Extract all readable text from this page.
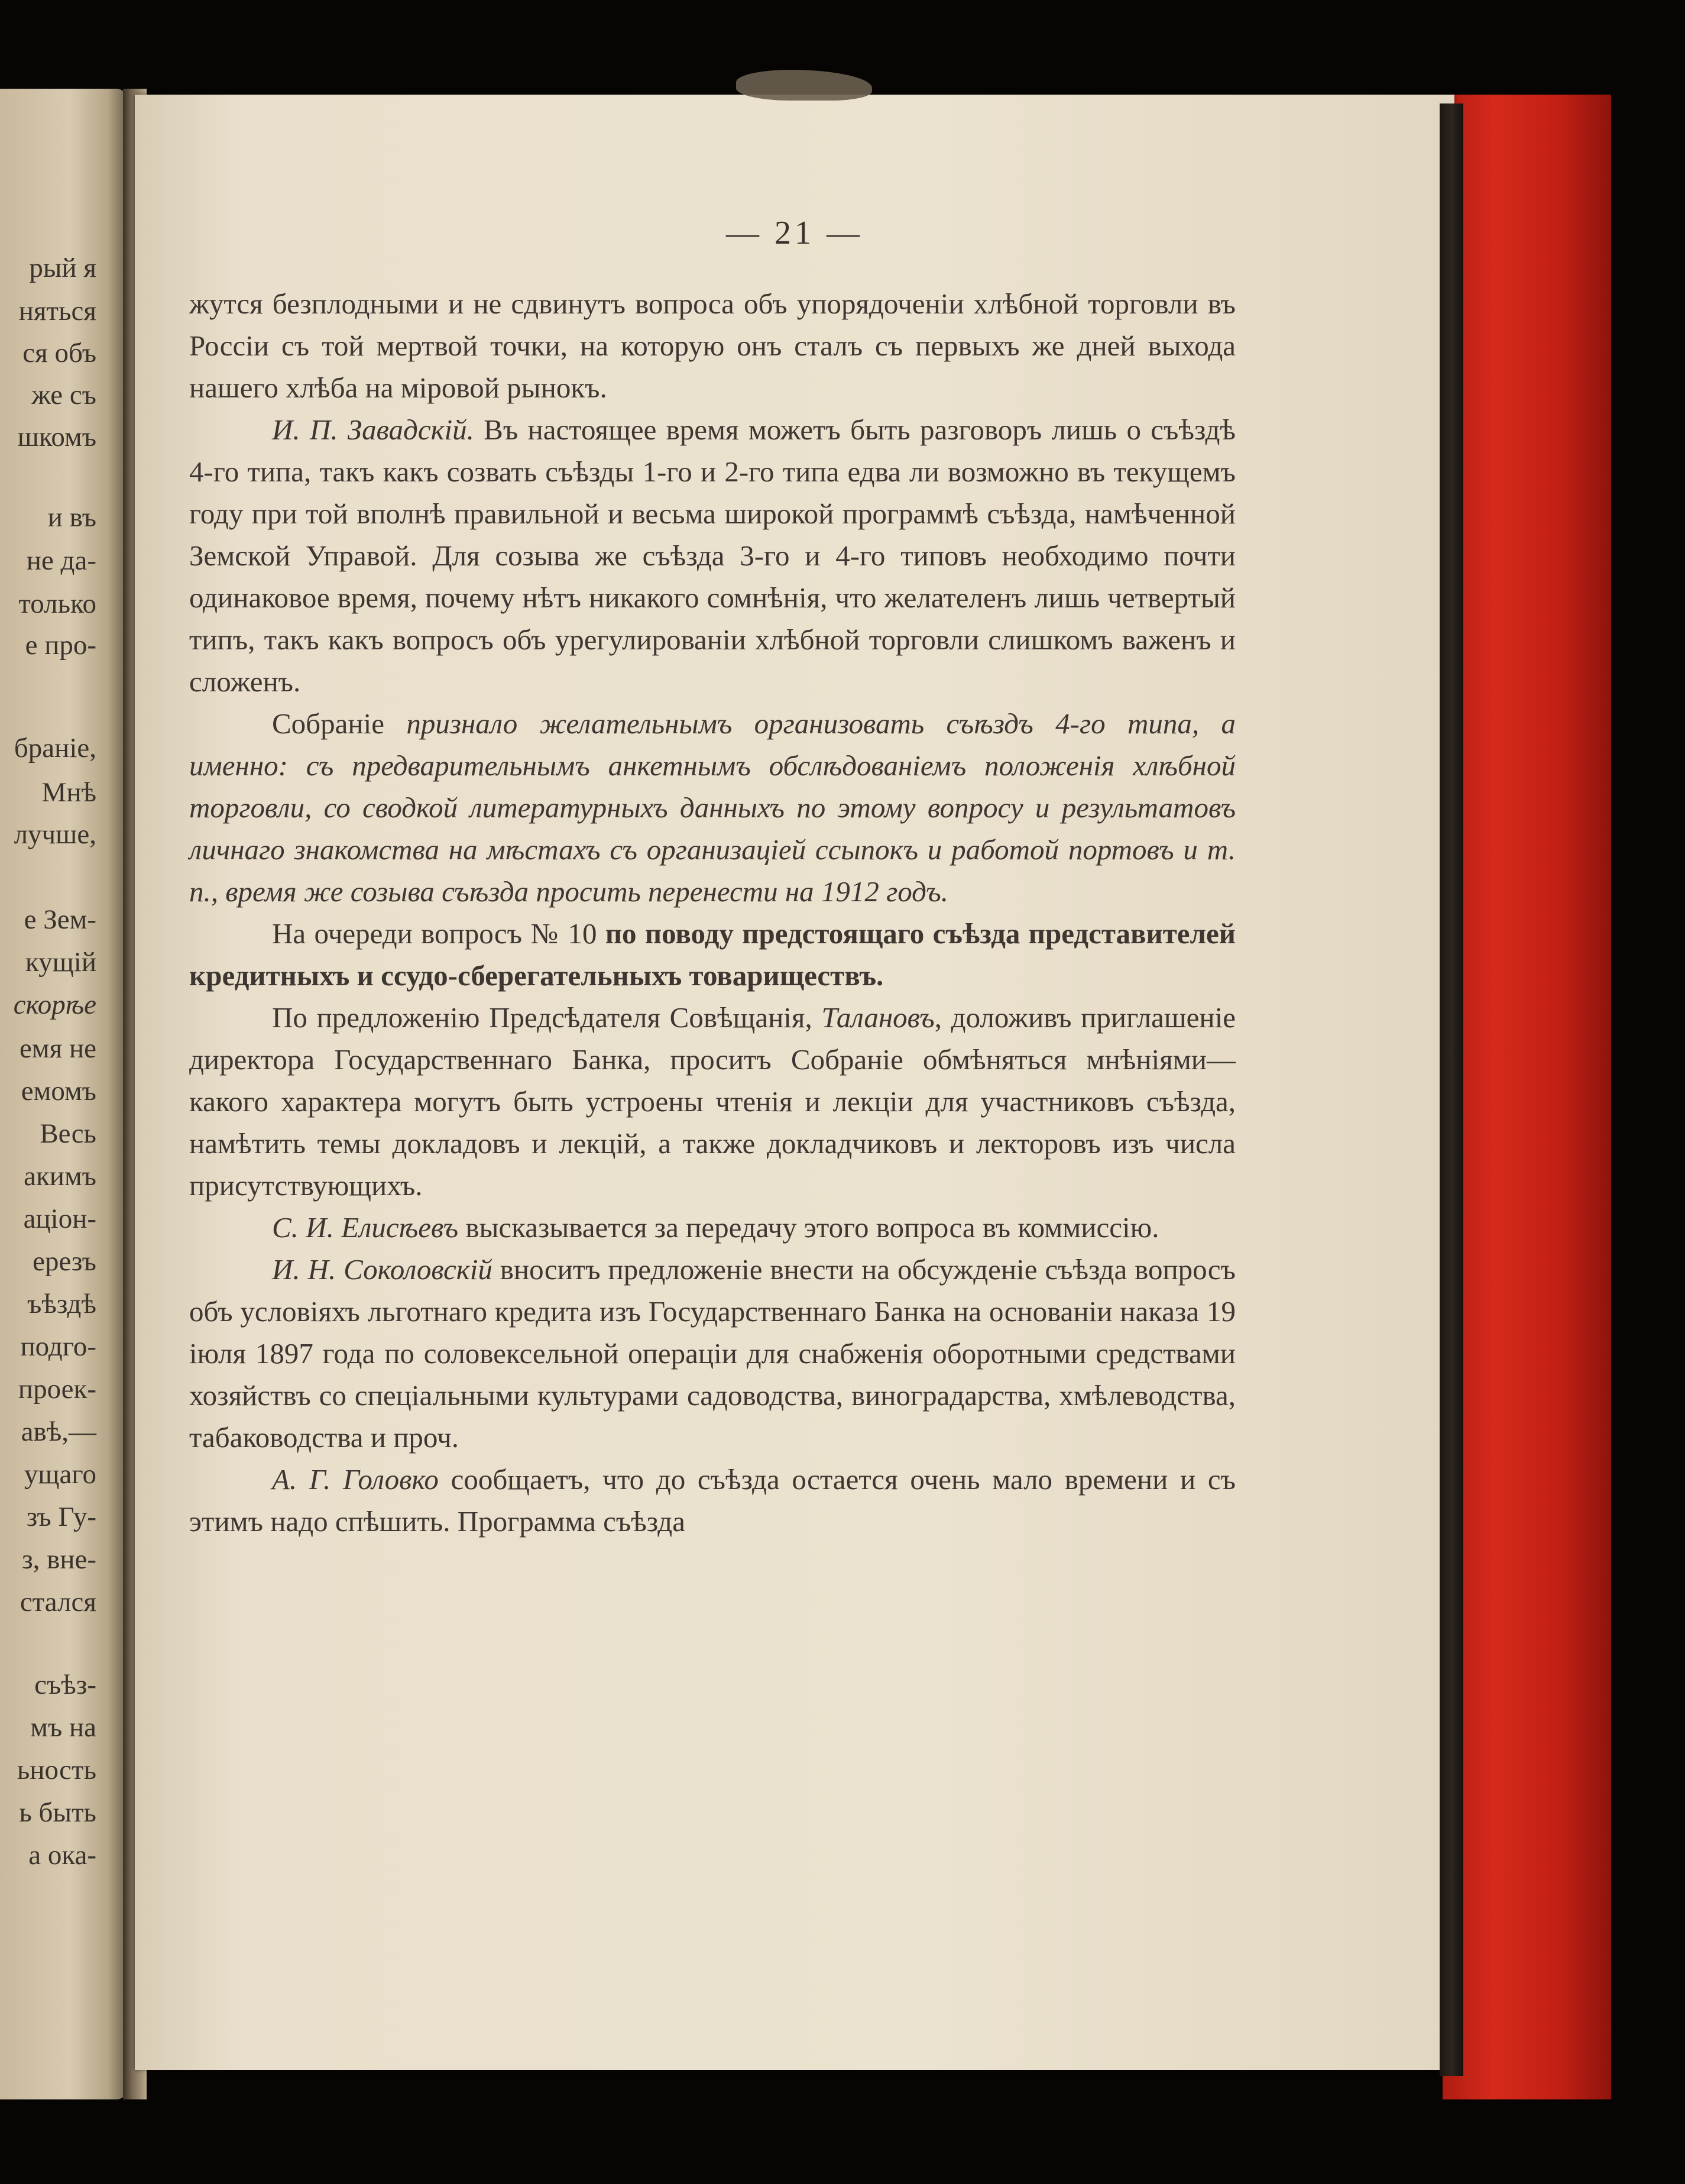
рый я
няться
ся объ
же съ
шкомъ
и въ
не да-
только
е про-
браніе,
Мнѣ
лучше,
е Зем-
кущій
скорѣе
емя не
емомъ
Весь
акимъ
аціон-
ерезъ
ъѣздѣ
подго-
проек-
авѣ,—
ущаго
зъ Гу-
з, вне-
стался
съѣз-
мъ на
ьность
ь быть
а ока-
— 21 —

жутся безплодными и не сдвинутъ вопроса объ упорядоченіи хлѣбной торговли въ Россіи съ той мертвой точки, на которую онъ сталъ съ первыхъ же дней выхода нашего хлѣба на міровой рынокъ.

И. П. Завадскій. Въ настоящее время можетъ быть разговоръ лишь о съѣздѣ 4-го типа, такъ какъ созвать съѣзды 1-го и 2-го типа едва ли возможно въ текущемъ году при той вполнѣ правильной и весьма широкой программѣ съѣзда, намѣченной Земской Управой. Для созыва же съѣзда 3-го и 4-го типовъ необходимо почти одинаковое время, почему нѣтъ никакого сомнѣнія, что желателенъ лишь четвертый типъ, такъ какъ вопросъ объ урегулированіи хлѣбной торговли слишкомъ важенъ и сложенъ.

Собраніе признало желательнымъ организовать съѣздъ 4-го типа, а именно: съ предварительнымъ анкетнымъ обслѣдованіемъ положенія хлѣбной торговли, со сводкой литературныхъ данныхъ по этому вопросу и результатовъ личнаго знакомства на мѣстахъ съ организаціей ссыпокъ и работой портовъ и т. п., время же созыва съѣзда просить перенести на 1912 годъ.

На очереди вопросъ № 10 по поводу предстоящаго съѣзда представителей кредитныхъ и ссудо-сберегательныхъ товариществъ.

По предложенію Предсѣдателя Совѣщанія, Талановъ, доложивъ приглашеніе директора Государственнаго Банка, проситъ Собраніе обмѣняться мнѣніями—какого характера могутъ быть устроены чтенія и лекціи для участниковъ съѣзда, намѣтить темы докладовъ и лекцій, а также докладчиковъ и лекторовъ изъ числа присутствующихъ.

С. И. Елисѣевъ высказывается за передачу этого вопроса въ коммиссію.

И. Н. Соколовскій вноситъ предложеніе внести на обсужденіе съѣзда вопросъ объ условіяхъ льготнаго кредита изъ Государственнаго Банка на основаніи наказа 19 іюля 1897 года по соловексельной операціи для снабженія оборотными средствами хозяйствъ со спеціальными культурами садоводства, виноградарства, хмѣлеводства, табаководства и проч.

А. Г. Головко сообщаетъ, что до съѣзда остается очень мало времени и съ этимъ надо спѣшить. Программа съѣзда
